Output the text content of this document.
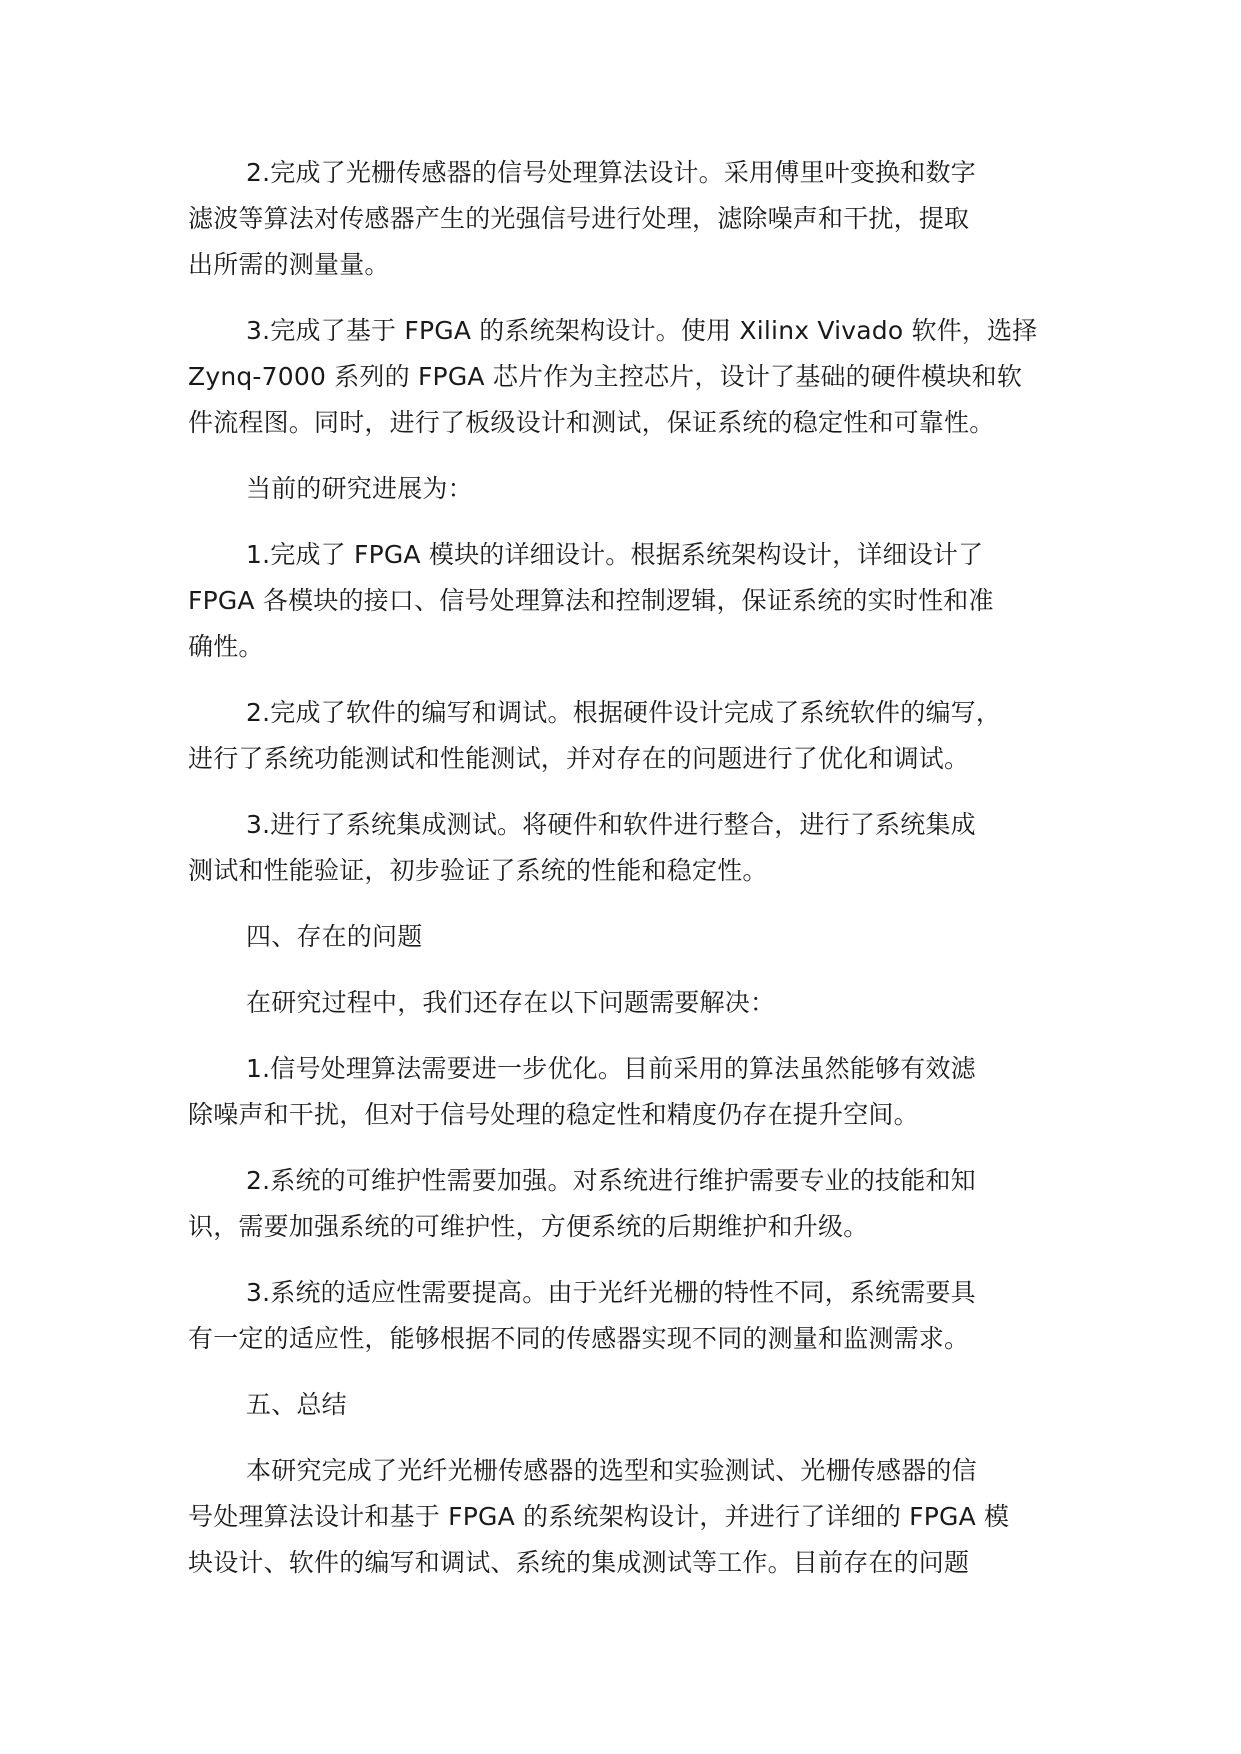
2.完成了光栅传感器的信号处理算法设计。采用傅里叶变换和数字
滤波等算法对传感器产生的光强信号进行处理，滤除噪声和干扰，提取
出所需的测量量。
3.完成了基于 FPGA 的系统架构设计。使用 Xilinx Vivado 软件，选择
Zynq-7000 系列的 FPGA 芯片作为主控芯片，设计了基础的硬件模块和软
件流程图。同时，进行了板级设计和测试，保证系统的稳定性和可靠性。
当前的研究进展为：
1.完成了 FPGA 模块的详细设计。根据系统架构设计，详细设计了
FPGA 各模块的接口、信号处理算法和控制逻辑，保证系统的实时性和准
确性。
2.完成了软件的编写和调试。根据硬件设计完成了系统软件的编写，
进行了系统功能测试和性能测试，并对存在的问题进行了优化和调试。
3.进行了系统集成测试。将硬件和软件进行整合，进行了系统集成
测试和性能验证，初步验证了系统的性能和稳定性。
四、存在的问题
在研究过程中，我们还存在以下问题需要解决：
1.信号处理算法需要进一步优化。目前采用的算法虽然能够有效滤
除噪声和干扰，但对于信号处理的稳定性和精度仍存在提升空间。
2.系统的可维护性需要加强。对系统进行维护需要专业的技能和知
识，需要加强系统的可维护性，方便系统的后期维护和升级。
3.系统的适应性需要提高。由于光纤光栅的特性不同，系统需要具
有一定的适应性，能够根据不同的传感器实现不同的测量和监测需求。
五、总结
本研究完成了光纤光栅传感器的选型和实验测试、光栅传感器的信
号处理算法设计和基于 FPGA 的系统架构设计，并进行了详细的 FPGA 模
块设计、软件的编写和调试、系统的集成测试等工作。目前存在的问题
